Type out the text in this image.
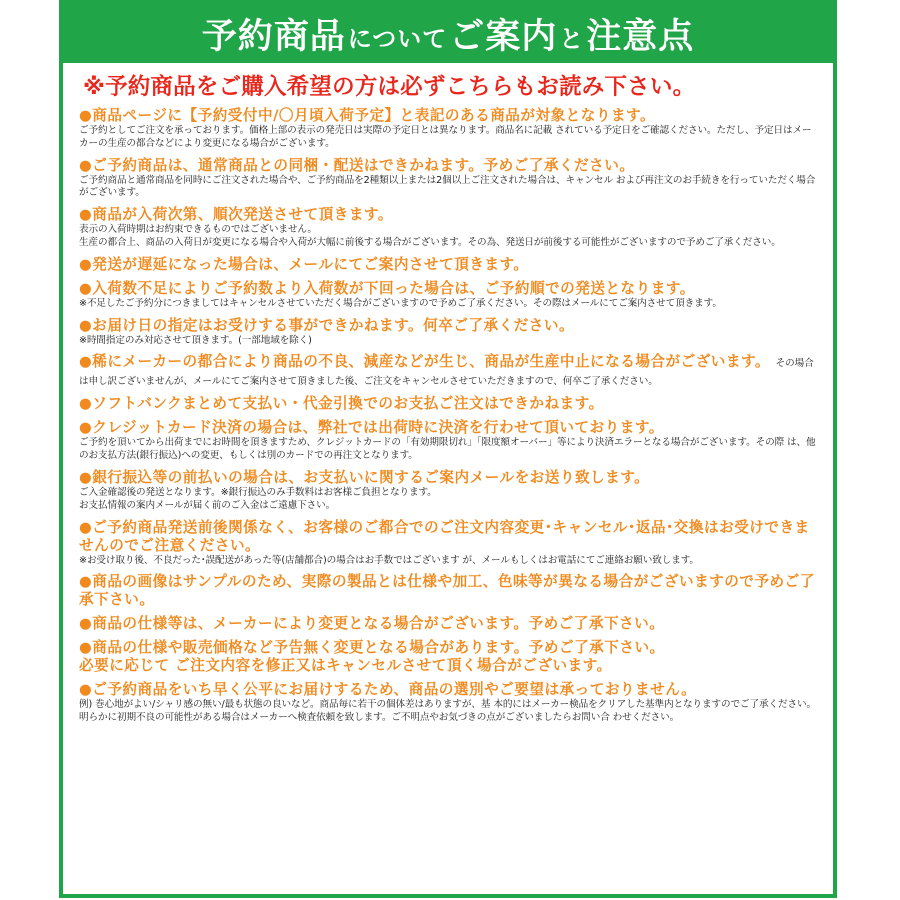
予約商品 について ご案内 と 注意点
※予約商品をご購入希望の方は必ずこちらもお読み下さい。
●商品ページに【予約受付中/〇月頃入荷予定】と表記のある商品が対象となります。
ご予約としてご注文を承っております。価格上部の表示の発売日は実際の予定日とは異なります。商品名に記載 されている予定日をご確認ください。ただし、予定日はメーカーの生産の都合などにより変更になる場合がございます。
●ご予約商品は、通常商品との同梱・配送はできかねます。予めご了承ください。
ご予約商品と通常商品を同時にご注文された場合や、ご予約商品を2種類以上または2個以上ご注文された場合は、キャンセル および再注文のお手続きを行っていただく場合がございます。
●商品が入荷次第、順次発送させて頂きます。
表示の入荷時期はお約束できるものではございません。
生産の都合上、商品の入荷日が変更になる場合や入荷が大幅に前後する場合がございます。その為、発送日が前後する可能性がございますので予めご了承ください。
●発送が遅延になった場合は、メールにてご案内させて頂きます。
●入荷数不足によりご予約数より入荷数が下回った場合は、ご予約順での発送となります。
※不足したご予約分につきましてはキャンセルさせていただく場合がございますので予めご了承ください。その際はメールにてご案内させて頂きます。
●お届け日の指定はお受けする事ができかねます。何卒ご了承ください。
※時間指定のみ対応させて頂きます。(一部地域を除く)
●稀にメーカーの都合により商品の不良、減産などが生じ、商品が生産中止になる場合がございます。 その場合は申し訳ございませんが、メールにてご案内させて頂きました後、ご注文をキャンセルさせていただきますので、何卒ご了承ください。
●ソフトバンクまとめて支払い・代金引換でのお支払ご注文はできかねます。
●クレジットカード決済の場合は、弊社では出荷時に決済を行わせて頂いております。
ご予約を頂いてから出荷までにお時間を頂きますため、クレジットカードの「有効期限切れ」「限度額オーバー」等により決済エラーとなる場合がございます。その際 は、他のお支払方法(銀行振込)への変更、もしくは別のカードでの再注文となります。
●銀行振込等の前払いの場合は、お支払いに関するご案内メールをお送り致します。
ご入金確認後の発送となります。※銀行振込のみ手数料はお客様ご負担となります。
お支払情報の案内メールが届く前のご入金はご遠慮下さい。
●ご予約商品発送前後関係なく、お客様のご都合でのご注文内容変更･キャンセル･返品･交換はお受けできませんのでご注意ください。
※お受け取り後、不良だった･誤配送があった等(店舗都合)の場合はお手数ではございます が、メールもしくはお電話にてご連絡お願い致します。
●商品の画像はサンプルのため、実際の製品とは仕様や加工、色味等が異なる場合がございますので予めご了承下さい。
●商品の仕様等は、メーカーにより変更となる場合がございます。予めご了承下さい。
●商品の仕様や販売価格など予告無く変更となる場合があります。予めご了承下さい。
必要に応じて ご注文内容を修正又はキャンセルさせて頂く場合がございます。
●ご予約商品をいち早く公平にお届けするため、商品の選別やご要望は承っておりません。
例) 巻心地がよい/シャリ感の無い/最も状態の良いなど。商品毎に若干の個体差はありますが、基 本的にはメーカー検品をクリアした基準内となりますのでご了承ください。明らかに初期不良の可能性がある場合はメーカーへ検査依頼を致します。ご不明点やお気づきの点がございましたらお問い合 わせください。
